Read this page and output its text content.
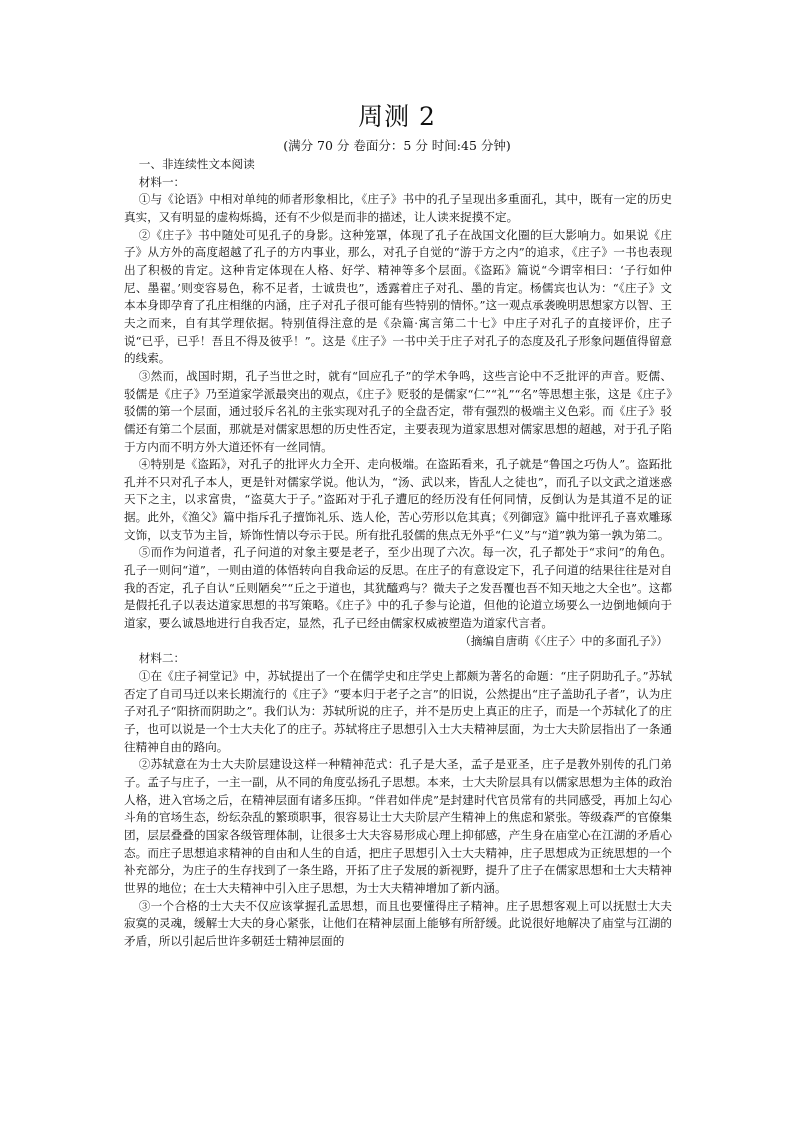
周测 2
(满分 70 分 卷面分：5 分 时间:45 分钟)

一、非连续性文本阅读

材料一：

①与《论语》中相对单纯的师者形象相比，《庄子》书中的孔子呈现出多重面孔，其中，既有一定的历史真实，又有明显的虚构烁捣，还有不少似是而非的描述，让人读来捉摸不定。

②《庄子》书中随处可见孔子的身影。这种笼罩，体现了孔子在战国文化圈的巨大影响力。如果说《庄子》从方外的高度超越了孔子的方内事业，那么，对孔子自觉的“游于方之内”的追求，《庄子》一书也表现出了积极的肯定。这种肯定体现在人格、好学、精神等多个层面。《盗跖》篇说“今谓宰相曰：‘子行如仲尼、墨翟。’则变容易色，称不足者，士诚贵也”，透露着庄子对孔、墨的肯定。杨儒宾也认为：“《庄子》文本本身即孕育了孔庄相继的内涵，庄子对孔子很可能有些特别的情怀。”这一观点承袭晚明思想家方以智、王夫之而来，自有其学理依据。特别值得注意的是《杂篇·寓言第二十七》中庄子对孔子的直接评价，庄子说“已乎，已乎！吾且不得及彼乎！”。这是《庄子》一书中关于庄子对孔子的态度及孔子形象问题值得留意的线索。

③然而，战国时期，孔子当世之时，就有“回应孔子”的学术争鸣，这些言论中不乏批评的声音。贬儒、驳儒是《庄子》乃至道家学派最突出的观点，《庄子》贬驳的是儒家“仁”“礼”“名”等思想主张，这是《庄子》驳儒的第一个层面，通过驳斥名礼的主张实现对孔子的全盘否定，带有强烈的极端主义色彩。而《庄子》驳儒还有第二个层面，那就是对儒家思想的历史性否定，主要表现为道家思想对儒家思想的超越，对于孔子陷于方内而不明方外大道还怀有一丝同情。

④特别是《盗跖》，对孔子的批评火力全开、走向极端。在盗跖看来，孔子就是“鲁国之巧伪人”。盗跖批孔并不只对孔子本人，更是针对儒家学说。他认为，“汤、武以来，皆乱人之徒也”，而孔子以文武之道迷惑天下之主，以求富贵，“盗莫大于子。”盗跖对于孔子遭厄的经历没有任何同情，反倒认为是其道不足的证据。此外，《渔父》篇中指斥孔子擅饰礼乐、选人伦，苦心劳形以危其真；《列御寇》篇中批评孔子喜欢雕琢文饰，以支节为主旨，矫饰性情以夸示于民。所有批孔驳儒的焦点无外乎“仁义”与“道”孰为第一孰为第二。

⑤而作为问道者，孔子问道的对象主要是老子，至少出现了六次。每一次，孔子都处于“求问”的角色。孔子一则问“道”，一则由道的体悟转向自我命运的反思。在庄子的有意设定下，孔子问道的结果往往是对自我的否定，孔子自认“丘则陋矣”“丘之于道也，其犹醯鸡与？微夫子之发吾覆也吾不知天地之大全也”。这都是假托孔子以表达道家思想的书写策略。《庄子》中的孔子参与论道，但他的论道立场要么一边倒地倾向于道家，要么诚恳地进行自我否定，显然，孔子已经由儒家权威被塑造为道家代言者。

（摘编自唐萌《〈庄子〉中的多面孔子》）

材料二：

①在《庄子祠堂记》中，苏轼提出了一个在儒学史和庄学史上都颇为著名的命题：“庄子阴助孔子。”苏轼否定了自司马迁以来长期流行的《庄子》“要本归于老子之言”的旧说，公然提出“庄子盖助孔子者”，认为庄子对孔子“阳挤而阴助之”。我们认为：苏轼所说的庄子，并不是历史上真正的庄子，而是一个苏轼化了的庄子，也可以说是一个士大夫化了的庄子。苏轼将庄子思想引入士大夫精神层面，为士大夫阶层指出了一条通往精神自由的路向。

②苏轼意在为士大夫阶层建设这样一种精神范式：孔子是大圣，孟子是亚圣，庄子是教外别传的孔门弟子。孟子与庄子，一主一副，从不同的角度弘扬孔子思想。本来，士大夫阶层具有以儒家思想为主体的政治人格，进入官场之后，在精神层面有诸多压抑。“伴君如伴虎”是封建时代官员常有的共同感受，再加上勾心斗角的官场生态，纷纭杂乱的繁琐职事，很容易让士大夫阶层产生精神上的焦虑和紧张。等级森严的官僚集团，层层叠叠的国家各级管理体制，让很多士大夫容易形成心理上抑郁感，产生身在庙堂心在江湖的矛盾心态。而庄子思想追求精神的自由和人生的自适，把庄子思想引入士大夫精神，庄子思想成为正统思想的一个补充部分，为庄子的生存找到了一条生路，开拓了庄子发展的新视野，提升了庄子在儒家思想和士大夫精神世界的地位；在士大夫精神中引入庄子思想，为士大夫精神增加了新内涵。

③一个合格的士大夫不仅应该掌握孔孟思想，而且也要懂得庄子精神。庄子思想客观上可以抚慰士大夫寂寞的灵魂，缓解士大夫的身心紧张，让他们在精神层面上能够有所舒缓。此说很好地解决了庙堂与江湖的矛盾，所以引起后世许多朝廷士精神层面的
